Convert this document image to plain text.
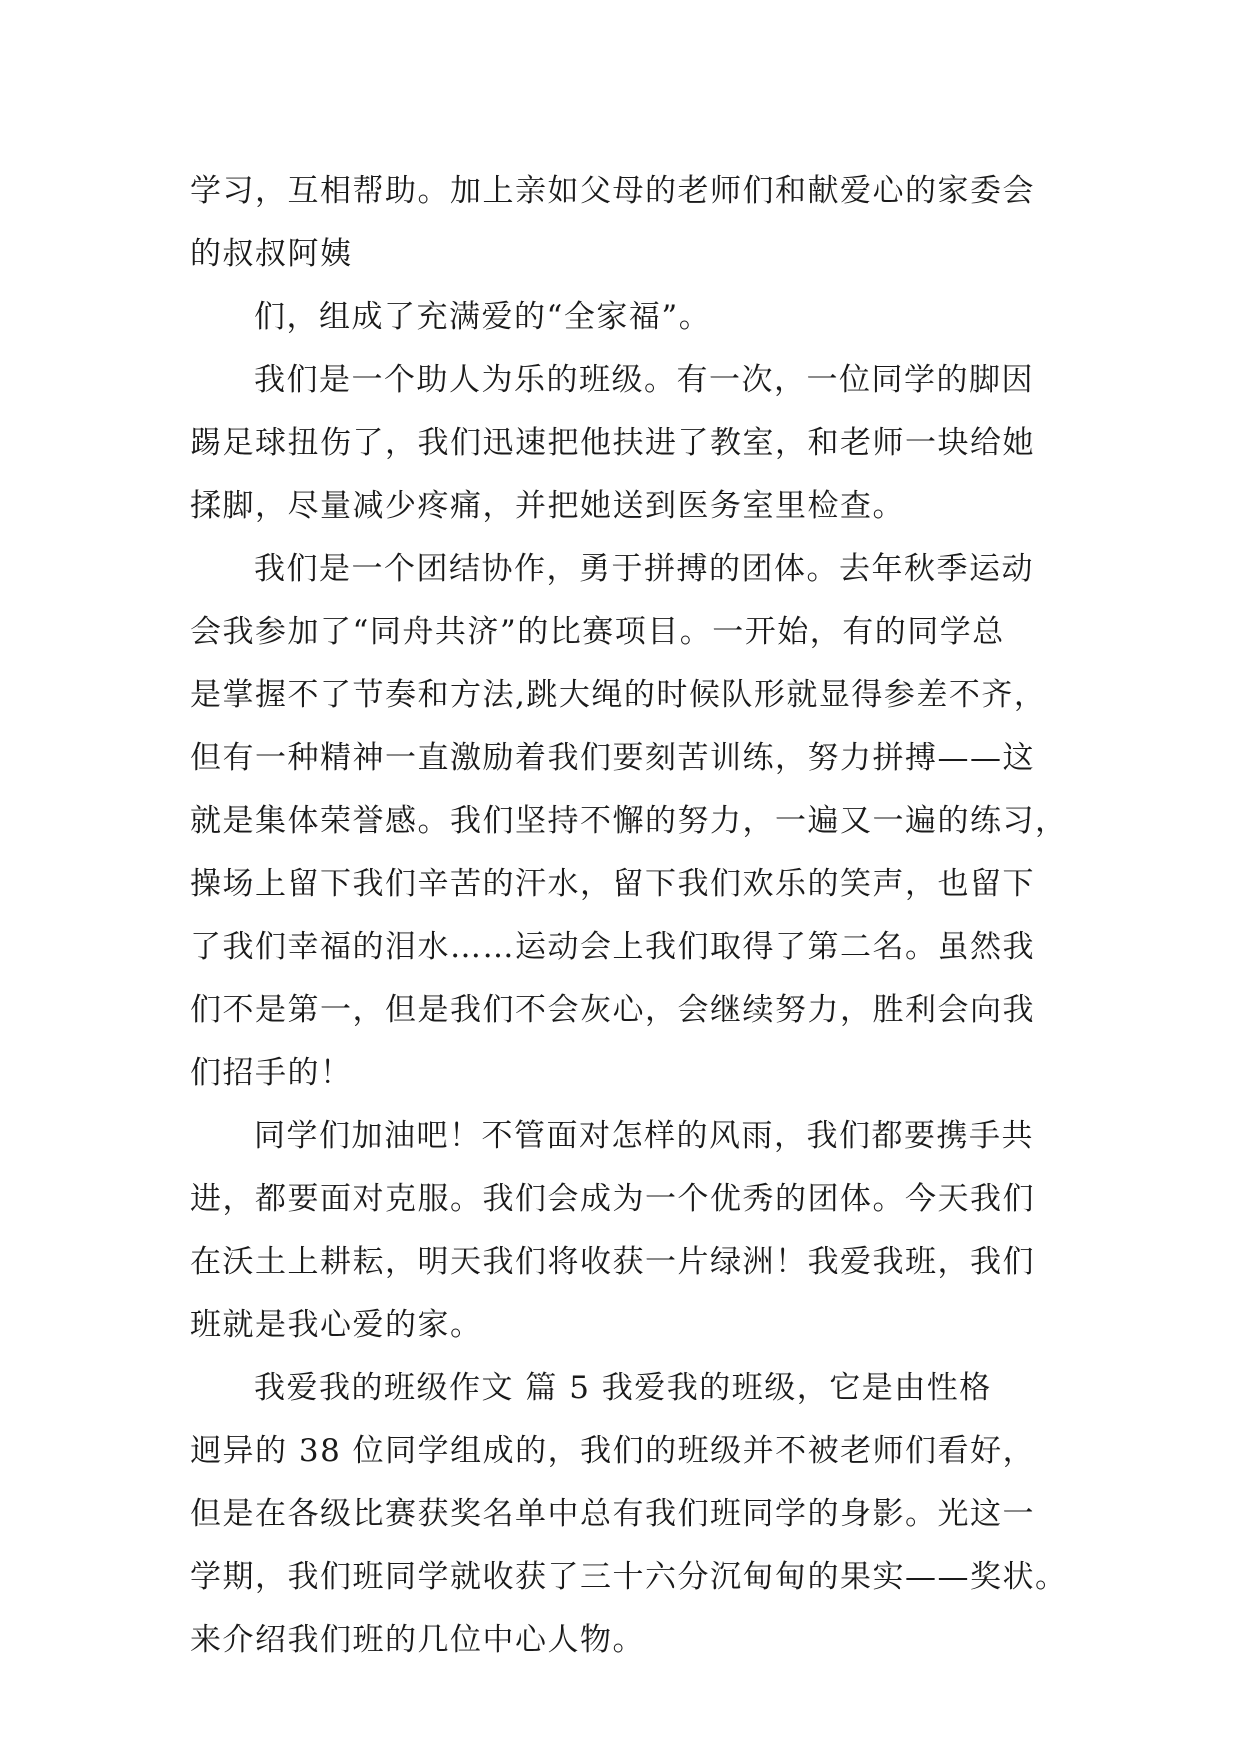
学习，互相帮助。加上亲如父母的老师们和献爱心的家委会
的叔叔阿姨
们，组成了充满爱的“全家福”。
我们是一个助人为乐的班级。有一次，一位同学的脚因
踢足球扭伤了，我们迅速把他扶进了教室，和老师一块给她
揉脚，尽量减少疼痛，并把她送到医务室里检查。
我们是一个团结协作，勇于拼搏的团体。去年秋季运动
会我参加了“同舟共济”的比赛项目。一开始，有的同学总
是掌握不了节奏和方法,跳大绳的时候队形就显得参差不齐，
但有一种精神一直激励着我们要刻苦训练，努力拼搏——这
就是集体荣誉感。我们坚持不懈的努力，一遍又一遍的练习，
操场上留下我们辛苦的汗水，留下我们欢乐的笑声，也留下
了我们幸福的泪水……运动会上我们取得了第二名。虽然我
们不是第一，但是我们不会灰心，会继续努力，胜利会向我
们招手的！
同学们加油吧！不管面对怎样的风雨，我们都要携手共
进，都要面对克服。我们会成为一个优秀的团体。今天我们
在沃土上耕耘，明天我们将收获一片绿洲！我爱我班，我们
班就是我心爱的家。
我爱我的班级作文 篇 5 我爱我的班级，它是由性格
迥异的 38 位同学组成的，我们的班级并不被老师们看好，
但是在各级比赛获奖名单中总有我们班同学的身影。光这一
学期，我们班同学就收获了三十六分沉甸甸的果实——奖状。
来介绍我们班的几位中心人物。
